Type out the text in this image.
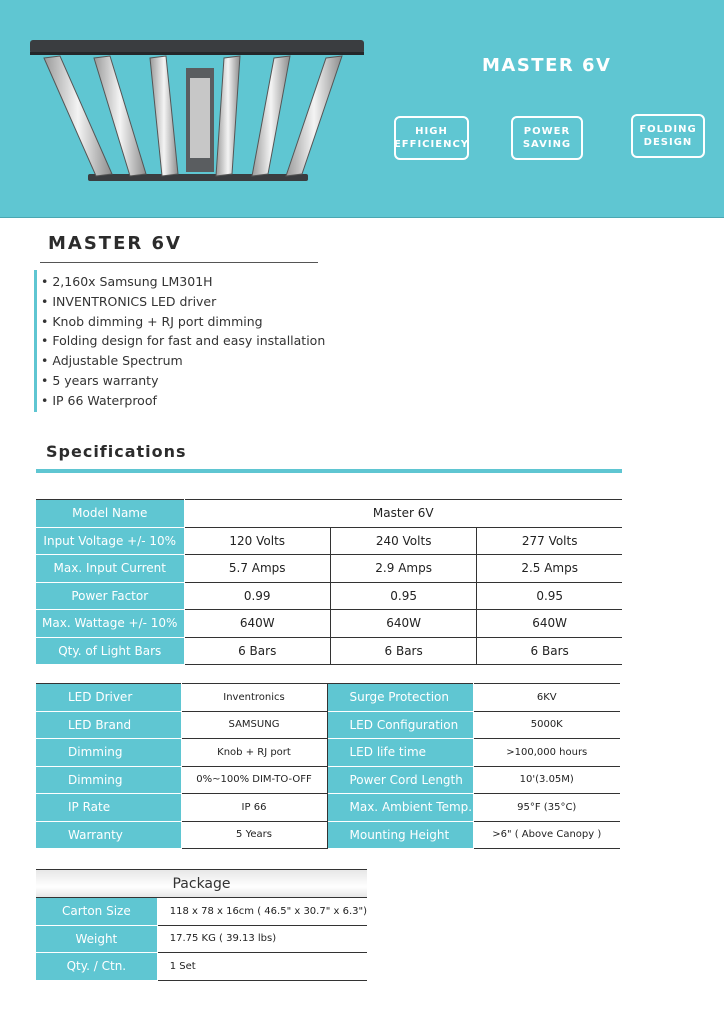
MASTER 6V
HIGH
EFFICIENCY
POWER
SAVING
FOLDING
DESIGN
MASTER 6V
• 2,160x Samsung LM301H
• INVENTRONICS LED driver
• Knob dimming + RJ port dimming
• Folding design for fast and easy installation
• Adjustable Spectrum
• 5 years warranty
• IP 66 Waterproof
Specifications
Model Name	Master 6V		
Input Voltage +/- 10%	120 Volts	240 Volts	277 Volts
Max. Input Current	5.7 Amps	2.9 Amps	2.5 Amps
Power Factor	0.99	0.95	0.95
Max. Wattage +/- 10%	640W	640W	640W
Qty. of Light Bars	6 Bars	6 Bars	6 Bars
LED Driver	Inventronics	Surge Protection	6KV
LED Brand	SAMSUNG	LED Configuration	5000K
Dimming	Knob + RJ port	LED life time	>100,000 hours
Dimming	0%~100% DIM-TO-OFF	Power Cord Length	10'(3.05M)
IP Rate	IP 66	Max. Ambient Temp.	95°F (35°C)
Warranty	5 Years	Mounting Height	>6" ( Above Canopy )
Package	
Carton Size	118 x 78 x 16cm ( 46.5" x 30.7" x 6.3")
Weight	17.75 KG ( 39.13 lbs)
Qty. / Ctn.	1 Set
